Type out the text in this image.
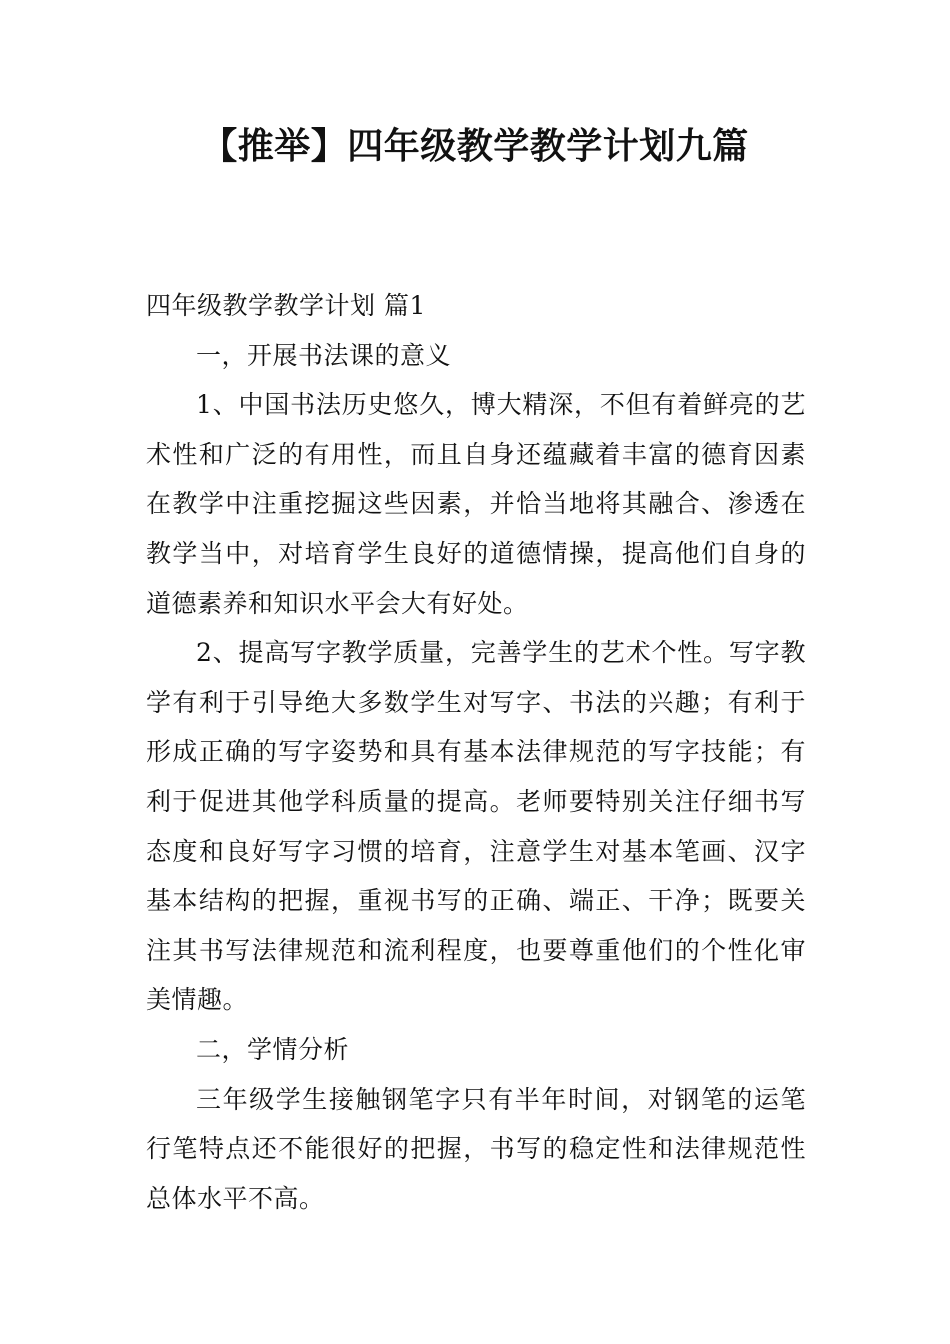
【推举】四年级教学教学计划九篇

四年级教学教学计划 篇1

一，开展书法课的意义

1、中国书法历史悠久，博大精深，不但有着鲜亮的艺术性和广泛的有用性，而且自身还蕴藏着丰富的德育因素在教学中注重挖掘这些因素，并恰当地将其融合、渗透在教学当中，对培育学生良好的道德情操，提高他们自身的道德素养和知识水平会大有好处。

2、提高写字教学质量，完善学生的艺术个性。写字教学有利于引导绝大多数学生对写字、书法的兴趣；有利于形成正确的写字姿势和具有基本法律规范的写字技能；有利于促进其他学科质量的提高。老师要特别关注仔细书写态度和良好写字习惯的培育，注意学生对基本笔画、汉字基本结构的把握，重视书写的正确、端正、干净；既要关注其书写法律规范和流利程度，也要尊重他们的个性化审美情趣。

二，学情分析

三年级学生接触钢笔字只有半年时间，对钢笔的运笔行笔特点还不能很好的把握，书写的稳定性和法律规范性总体水平不高。
